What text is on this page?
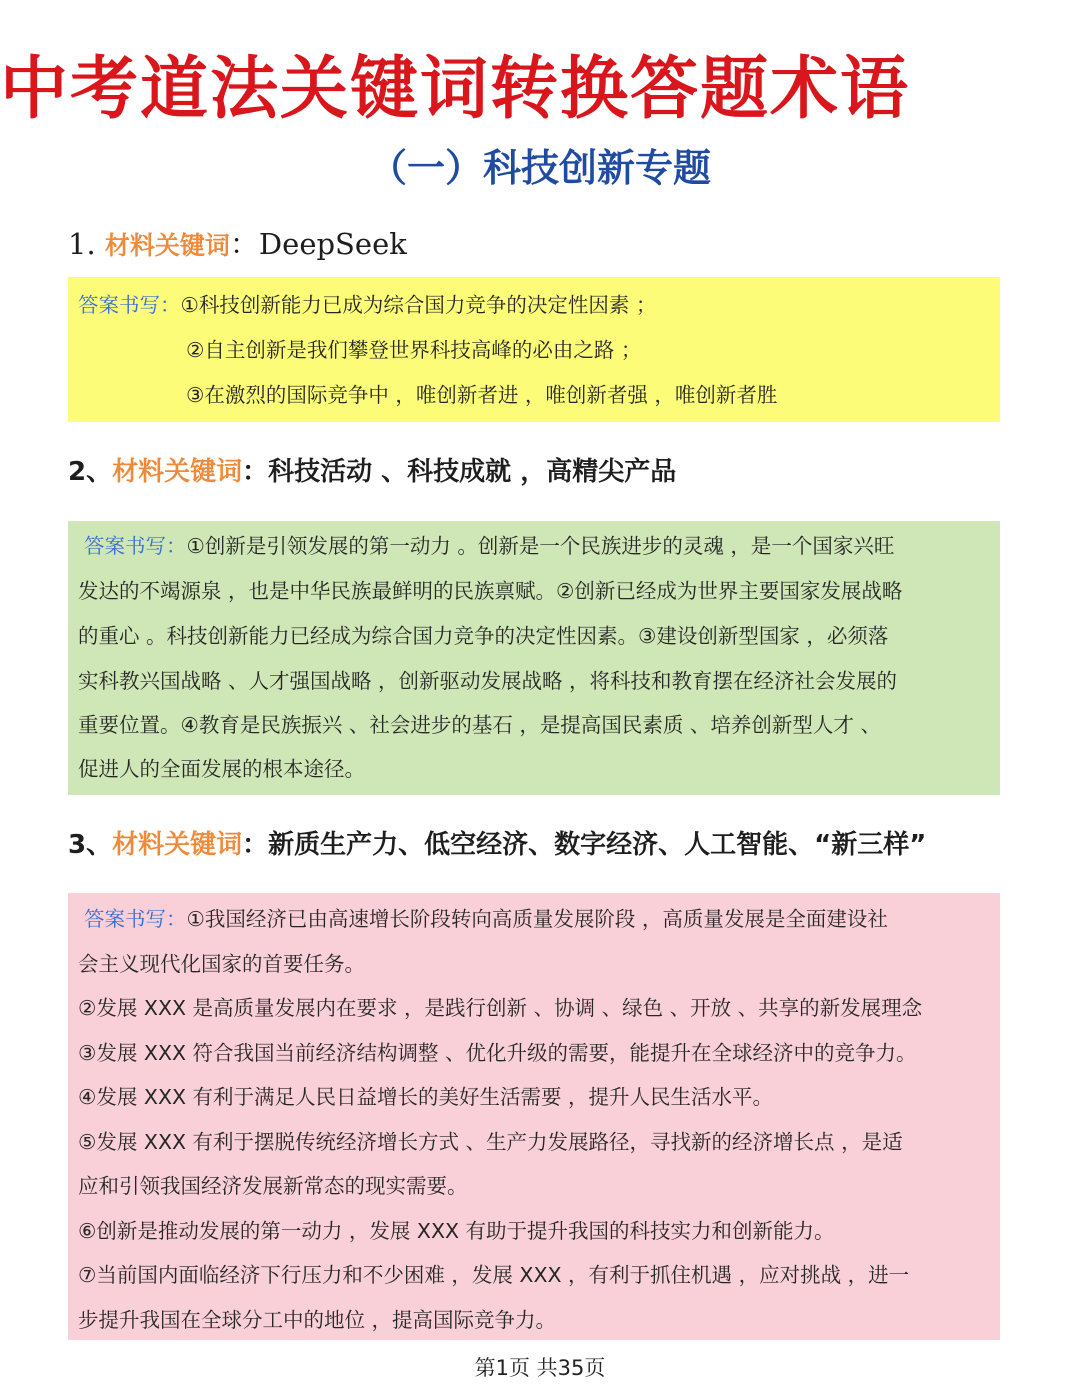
中考道法关键词转换答题术语
（一）科技创新专题
1. 材料关键词：DeepSeek
答案书写：①科技创新能力已成为综合国力竞争的决定性因素 ；
②自主创新是我们攀登世界科技高峰的必由之路 ；
③在激烈的国际竞争中 ，唯创新者进 ，唯创新者强 ，唯创新者胜
2、材料关键词：科技活动 、科技成就 ，高精尖产品
答案书写：①创新是引领发展的第一动力 。创新是一个民族进步的灵魂 ，是一个国家兴旺
发达的不竭源泉 ，也是中华民族最鲜明的民族禀赋。②创新已经成为世界主要国家发展战略
的重心 。科技创新能力已经成为综合国力竞争的决定性因素。③建设创新型国家 ，必须落
实科教兴国战略 、人才强国战略 ，创新驱动发展战略 ，将科技和教育摆在经济社会发展的
重要位置。④教育是民族振兴 、社会进步的基石 ，是提高国民素质 、培养创新型人才 、
促进人的全面发展的根本途径。
3、材料关键词：新质生产力、低空经济、数字经济、人工智能、“新三样”
答案书写：①我国经济已由高速增长阶段转向高质量发展阶段 ，高质量发展是全面建设社
会主义现代化国家的首要任务。
②发展 XXX 是高质量发展内在要求 ，是践行创新 、协调 、绿色 、开放 、共享的新发展理念
③发展 XXX 符合我国当前经济结构调整 、优化升级的需要，能提升在全球经济中的竞争力。
④发展 XXX 有利于满足人民日益增长的美好生活需要 ，提升人民生活水平。
⑤发展 XXX 有利于摆脱传统经济增长方式 、生产力发展路径，寻找新的经济增长点 ，是适
应和引领我国经济发展新常态的现实需要。
⑥创新是推动发展的第一动力 ，发展 XXX 有助于提升我国的科技实力和创新能力。
⑦当前国内面临经济下行压力和不少困难 ，发展 XXX ，有利于抓住机遇 ，应对挑战 ，进一
步提升我国在全球分工中的地位 ，提高国际竞争力。
第1页 共35页
